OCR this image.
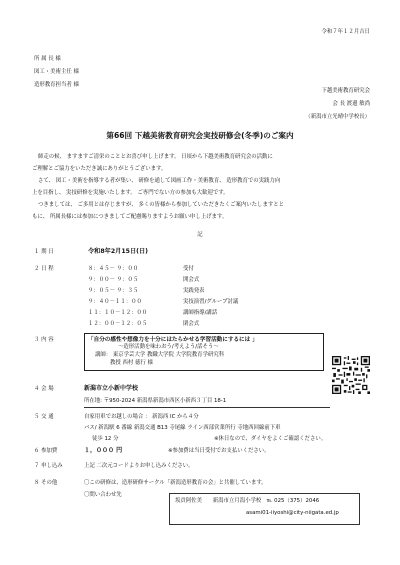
令和７年１２月吉日
所 属 長 様
図工・美術主任 様
造形教育担当者 様
下越美術教育研究会
会 長 渡邊 敏尚
（新潟市立光晴中学校長）
第66回 下越美術教育研究会実技研修会(冬季)のご案内
師走の候、 ますますご清栄のこととお喜び申し上げます。 日頃から下越美術教育研究会の活動に
ご理解とご協力をいただき誠にありがとうございます。
さて、 図工・美術を指導する者が集い、 研修を通して図画工作・美術教育、 造形教育での実践力向
上を目指し、 実技研修を実施いたします。 ご専門でない方の参加も大歓迎です。
つきましては、 ご多用とは存じますが、 多くの皆様から参加していただきたくご案内いたしますとと
もに、 所属長様には参加につきましてご配慮賜りますようお願い申し上げます。
記
１ 期 日	令和8年2月15日(日)
２ 日 程	８：４５－ ９：００	受付
９：００－ ９：０５	開会式
９：０５－ ９：３５	実践発表
９：４０－１１：００	実技演習/グループ討議
１１：１０－１２：００	講師指導/講話
１２：００－１２：０５	閉会式
３ 内 容	「自分の感性や想像力を十分にはたらかせる学習活動にするには 」
～造形活動を味わおう/考えよう/話そう～
講師： 東京学芸大学 教職大学院 大学院教育学研究科
教授 西村 徳行 様
４ 会 場	新潟市立小新中学校
所在地: 〒950-2024 新潟県新潟市西区小新西３丁目 18-1
５ 交 通	自家用車でお越しの場合 ： 新潟西 IC から４分
バス/ 新潟駅 6 番線 新潟交通 B13 寺尾線 ライン西部営業所行 寺地西回線前下車
徒歩 12 分	※休日なので、ダイヤをよくご確認ください。
６ 参加費	１，０００ 円	※参加費は当日受付でお支払いください。
７ 申し込み	上記 二次元コードよりお申し込みください。
８ その他	〇この研修は、造形研修サークル「新潟造形教育の会」と共催しています。
〇問い合わせ先
坂貢阿佐美　　新潟市立月潟小学校　℡ 025（375）2046
asami01-iiyoshi@city-niigata.ed.jp
